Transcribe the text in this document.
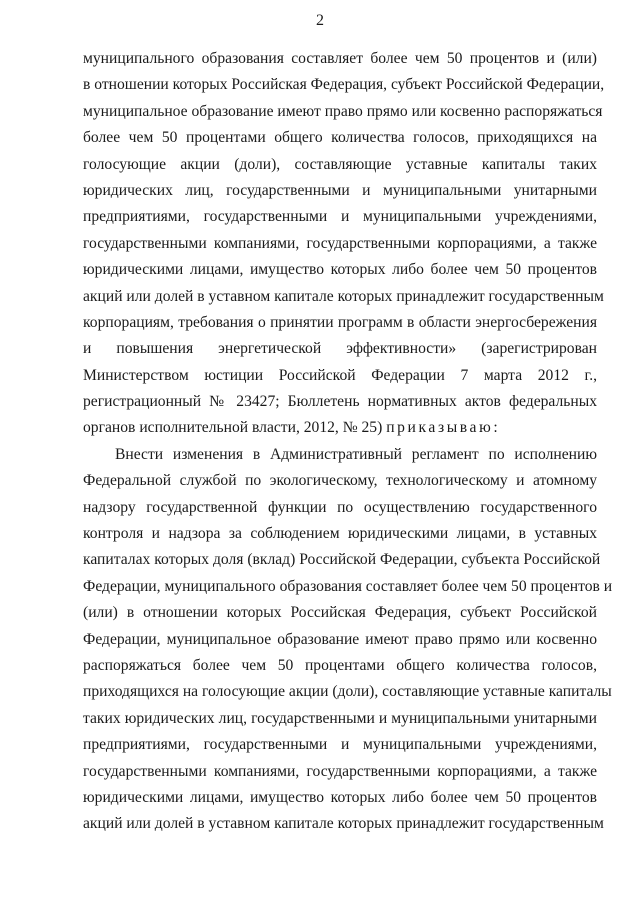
2
муниципального образования составляет более чем 50 процентов и (или)
в отношении которых Российская Федерация, субъект Российской Федерации,
муниципальное образование имеют право прямо или косвенно распоряжаться
более чем 50 процентами общего количества голосов, приходящихся на
голосующие акции (доли), составляющие уставные капиталы таких
юридических лиц, государственными и муниципальными унитарными
предприятиями, государственными и муниципальными учреждениями,
государственными компаниями, государственными корпорациями, а также
юридическими лицами, имущество которых либо более чем 50 процентов
акций или долей в уставном капитале которых принадлежит государственным
корпорациям, требования о принятии программ в области энергосбережения
и повышения энергетической эффективности» (зарегистрирован
Министерством юстиции Российской Федерации 7 марта 2012 г.,
регистрационный № 23427; Бюллетень нормативных актов федеральных
органов исполнительной власти, 2012, № 25) приказываю:
Внести изменения в Административный регламент по исполнению
Федеральной службой по экологическому, технологическому и атомному
надзору государственной функции по осуществлению государственного
контроля и надзора за соблюдением юридическими лицами, в уставных
капиталах которых доля (вклад) Российской Федерации, субъекта Российской
Федерации, муниципального образования составляет более чем 50 процентов и
(или) в отношении которых Российская Федерация, субъект Российской
Федерации, муниципальное образование имеют право прямо или косвенно
распоряжаться более чем 50 процентами общего количества голосов,
приходящихся на голосующие акции (доли), составляющие уставные капиталы
таких юридических лиц, государственными и муниципальными унитарными
предприятиями, государственными и муниципальными учреждениями,
государственными компаниями, государственными корпорациями, а также
юридическими лицами, имущество которых либо более чем 50 процентов
акций или долей в уставном капитале которых принадлежит государственным
